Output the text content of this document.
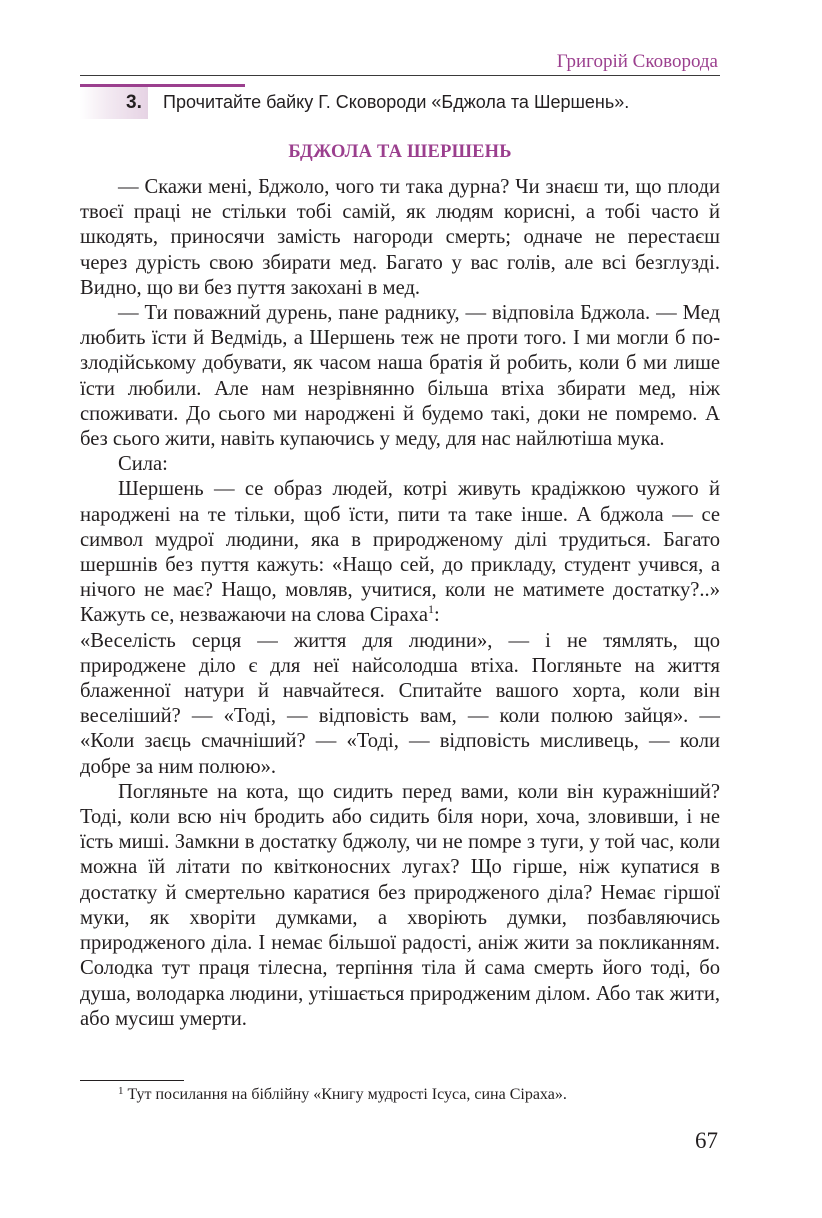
Григорій Сковорода
3. Прочитайте байку Г. Сковороди «Бджола та Шершень».
БДЖОЛА ТА ШЕРШЕНЬ

— Скажи мені, Бджоло, чого ти така дурна? Чи знаєш ти, що плоди твоєї праці не стільки тобі самій, як людям корисні, а тобі часто й шкодять, приносячи замість нагороди смерть; одначе не перестаєш через дурість свою збирати мед. Багато у вас голів, але всі безглузді. Видно, що ви без пуття закохані в мед.

— Ти поважний дурень, пане раднику, — відповіла Бджола. — Мед любить їсти й Ведмідь, а Шершень теж не проти того. І ми могли б по-злодійському добувати, як часом наша братія й робить, коли б ми лише їсти любили. Але нам незрівнянно більша втіха збирати мед, ніж споживати. До сього ми народжені й будемо такі, доки не помремо. А без сього жити, навіть купаючись у меду, для нас найлютіша мука.

Сила:

Шершень — се образ людей, котрі живуть крадіжкою чужого й народжені на те тільки, щоб їсти, пити та таке інше. А бджола — се символ мудрої людини, яка в природженому ділі трудиться. Багато шершнів без пуття кажуть: «Нащо сей, до прикладу, студент учився, а нічого не має? Нащо, мовляв, учитися, коли не матимете достатку?..» Кажуть се, незважаючи на слова Сіраха$^1$:

«Веселість серця — життя для людини», — і не тямлять, що природжене діло є для неї найсолодша втіха. Погляньте на життя блаженної натури й навчайтеся. Спитайте вашого хорта, коли він веселіший? — «Тоді, — відповість вам, — коли полюю зайця». — «Коли заєць смачніший? — «Тоді, — відповість мисливець, — коли добре за ним полюю».

Погляньте на кота, що сидить перед вами, коли він куражніший? Тоді, коли всю ніч бродить або сидить біля нори, хоча, зловивши, і не їсть миші. Замкни в достатку бджолу, чи не помре з туги, у той час, коли можна їй літати по квітконосних лугах? Що гірше, ніж купатися в достатку й смертельно каратися без природженого діла? Немає гіршої муки, як хворіти думками, а хворіють думки, позбавляючись природженого діла. І немає більшої радості, аніж жити за покликанням. Солодка тут праця тілесна, терпіння тіла й сама смерть його тоді, бо душа, володарка людини, утішається природженим ділом. Або так жити, або мусиш умерти.

$^1$ Тут посилання на біблійну «Книгу мудрості Ісуса, сина Сіраха».
67
